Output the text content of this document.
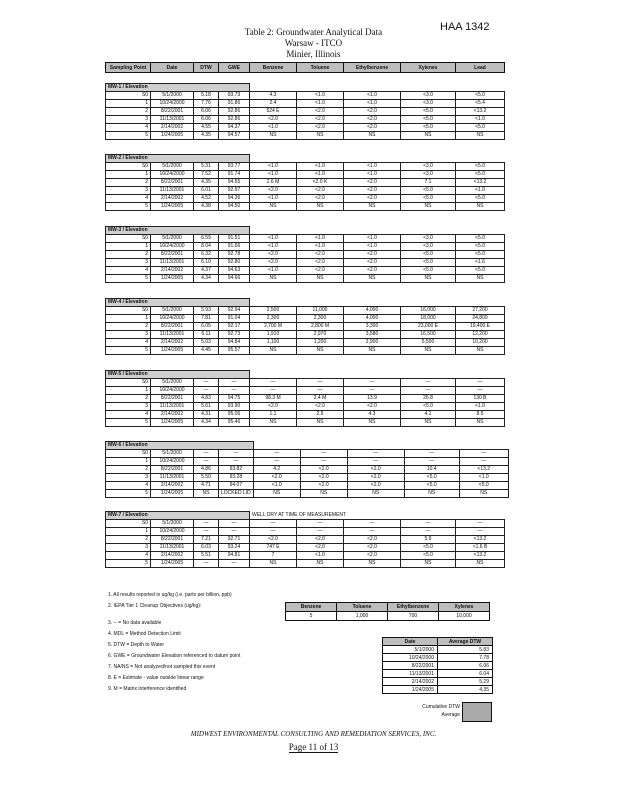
HAA 1342
Table 2: Groundwater Analytical Data
Warsaw - ITCO
Minier, Illinois
Sampling Point	Date	DTW	GWE	Benzene	Toluene	Ethylbenzene	Xylenes	Lead
MW-1 / Elevation								
S0	5/1/2000	5.18	93.73	4.3	<1.0	<1.0	<3.0	<5.0
1	10/24/2000	7.76	91.86	2.4	<1.0	<1.0	<3.0	<5.4
2	8/22/2001	6.06	92.86	524 E	<2.0	<2.0	<5.0	<13.2
3	11/13/2001	6.06	92.86	<2.0	<2.0	<2.0	<5.0	<1.0
4	2/14/2002	4.55	94.37	<1.0	<2.0	<2.0	<5.0	<5.0
5	1/24/2005	4.35	94.57	NS	NS	NS	NS	NS
MW-2 / Elevation								
S0	5/1/2000	5.31	93.77	<1.0	<1.0	<1.0	<3.0	<5.0
1	10/24/2000	7.52	91.74	<1.0	<1.0	<1.0	<3.0	<5.0
2	8/22/2001	4.35	94.55	2.6 M	<2.0 K	<2.0	7.1	<13.2
3	11/13/2001	6.01	92.97	<2.0	<2.0	<2.0	<5.0	<1.0
4	2/14/2002	4.52	94.36	<1.0	<2.0	<2.0	<5.0	<5.0
5	1/24/2005	4.38	94.50	NS	NS	NS	NS	NS
MW-3 / Elevation								
S0	5/1/2000	6.59	91.51	<1.0	<1.0	<1.0	<3.0	<5.0
1	10/24/2000	8.04	91.66	<1.0	<1.0	<1.0	<3.0	<5.0
2	8/22/2001	6.32	92.78	<2.0	<2.0	<2.0	<5.0	<5.0
3	11/13/2001	6.10	92.80	<2.0	<2.0	<2.0	<5.0	<1.6
4	2/14/2002	4.37	94.63	<1.0	<2.0	<2.0	<5.0	<5.0
5	1/24/2005	4.34	94.66	NS	NS	NS	NS	NS
MW-4 / Elevation								
S0	5/1/2000	5.93	92.94	2,500	11,000	4,000	16,000	27,200
1	10/24/2000	7.81	91.04	2,300	2,300	4,000	18,000	24,800
2	8/22/2001	6.05	92.17	2,700 M	2,800 M	3,300	23,000 E	19,400 E
3	11/13/2001	6.11	92.73	1,910	2,970	3,580	16,500	12,200
4	2/14/2002	5.03	94.84	1,100	1,200	2,900	5,500	10,200
5	1/24/2005	4.45	95.57	NS	NS	NS	NS	NS
MW-5 / Elevation								
S0	5/1/2000	—	—	—	—	—	—	—
1	10/24/2000	—	—	—	—	—	—	—
2	8/22/2001	4.83	94.75	98.3 M	2.4 M	13.9	26.8	130 B
3	11/13/2001	5.61	93.90	<2.0	<2.0	<2.0	<5.0	<1.0
4	2/14/2002	4.31	95.06	1.1	2.9	4.3	4.1	8.5
5	1/24/2005	4.34	95.46	NS	NS	NS	NS	NS
MW-6 / Elevation								
S0	5/1/2000	—	—	—	—	—	—	—
1	10/24/2000	—	—	—	—	—	—	—
2	8/22/2001	4.86	93.82	4.2	<2.0	<2.0	10.4	<13.2
3	11/13/2001	5.50	93.28	<2.0	<2.0	<2.0	<5.0	<1.0
4	2/14/2002	4.71	94.07	<1.0	<2.0	<2.0	<5.0	<5.0
5	1/24/2005	NS	LOCKED LID	NS	NS	NS	NS	NS
MW-7 / Elevation				WELL DRY AT TIME OF MEASUREMENT				
S0	5/1/2000	—	—	—	—	—	—	—
1	10/24/2000	—	—	—	—	—	—	—
2	8/22/2001	7.21	92.71	<2.0	<2.0	<2.0	5.9	<13.2
3	11/13/2001	6.03	93.24	747 E	<2.0	<2.0	<5.0	<1.6 B
4	2/14/2002	5.51	94.81	7	<1.0	<2.0	<5.0	<13.2
5	1/24/2005	—	—	NS	NS	NS	NS	NS
1. All results reported in ug/kg (i.e. parts per billion, ppb)
2. IEPA Tier 1 Cleanup Objectives (ug/kg):
3. -- = No data available
4. MDL = Method Detection Limit
5. DTW = Depth to Water
6. GWE = Groundwater Elevation referenced to datum point
7. NA/NS = Not analyzed/not sampled this event
8. E = Estimate - value outside linear range
9. M = Matrix interference identified
Benzene	Toluene	Ethylbenzene	Xylenes
5	1,000	700	10,000
Date	Average DTW
5/1/2000	5.83
10/24/2000	7.78
8/22/2001	6.06
11/13/2001	6.04
2/14/2002	5.29
1/24/2005	4.35
Cumulative DTW
Average
MIDWEST ENVIRONMENTAL CONSULTING AND REMEDIATION SERVICES, INC.
Page 11 of 13
